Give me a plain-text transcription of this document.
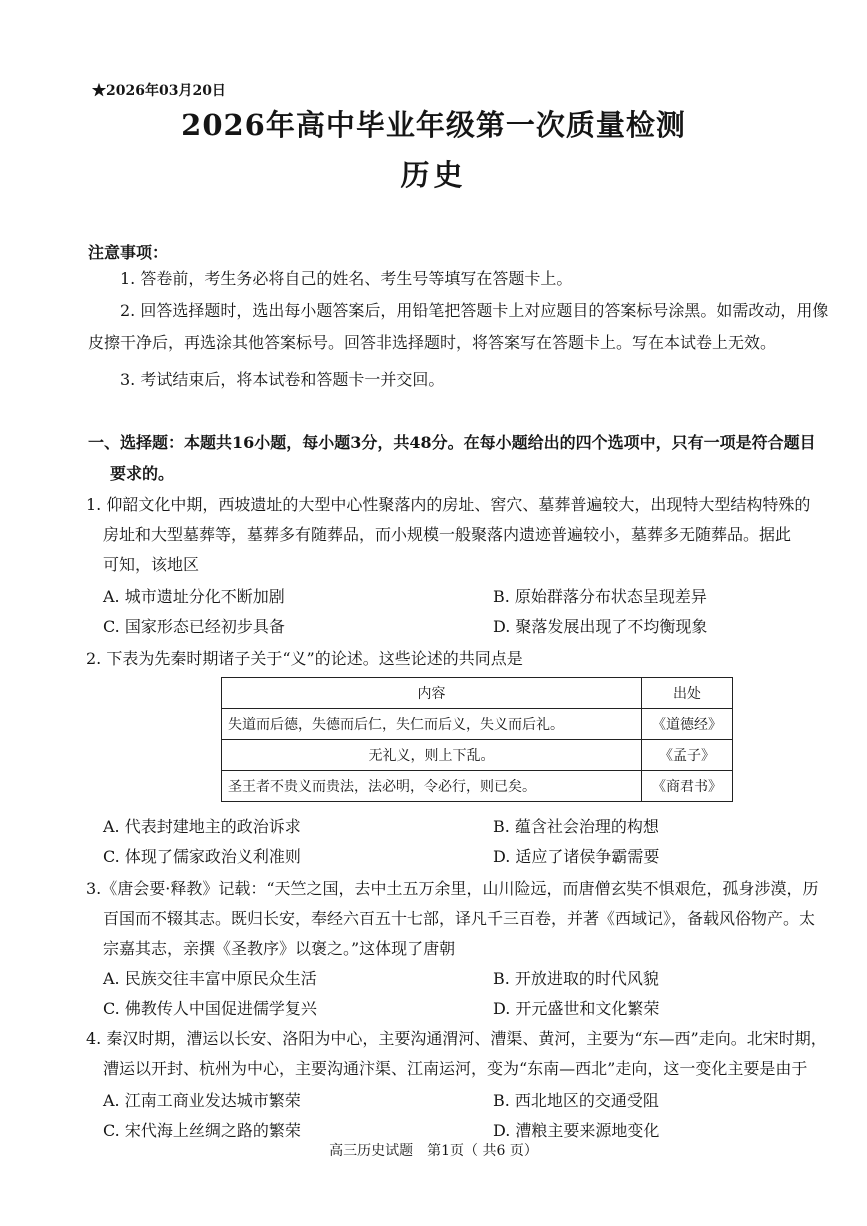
★2026年03月20日
2026年高中毕业年级第一次质量检测
历史
注意事项：
1. 答卷前，考生务必将自己的姓名、考生号等填写在答题卡上。
2. 回答选择题时，选出每小题答案后，用铅笔把答题卡上对应题目的答案标号涂黑。如需改动，用像
皮擦干净后，再选涂其他答案标号。回答非选择题时，将答案写在答题卡上。写在本试卷上无效。
3. 考试结束后，将本试卷和答题卡一并交回。
一、选择题：本题共16小题，每小题3分，共48分。在每小题给出的四个选项中，只有一项是符合题目
要求的。
1. 仰韶文化中期，西坡遗址的大型中心性聚落内的房址、窖穴、墓葬普遍较大，出现特大型结构特殊的
房址和大型墓葬等，墓葬多有随葬品，而小规模一般聚落内遗迹普遍较小，墓葬多无随葬品。据此
可知，该地区
A. 城市遗址分化不断加剧	B. 原始群落分布状态呈现差异
C. 国家形态已经初步具备	D. 聚落发展出现了不均衡现象
2. 下表为先秦时期诸子关于“义”的论述。这些论述的共同点是
内容	出处
失道而后德，失德而后仁，失仁而后义，失义而后礼。	《道德经》
无礼义，则上下乱。	《孟子》
圣王者不贵义而贵法，法必明，令必行，则已矣。	《商君书》
A. 代表封建地主的政治诉求	B. 蕴含社会治理的构想
C. 体现了儒家政治义利准则	D. 适应了诸侯争霸需要
3.《唐会要·释教》记载：“天竺之国，去中土五万余里，山川险远，而唐僧玄奘不惧艰危，孤身涉漠，历
百国而不辍其志。既归长安，奉经六百五十七部，译凡千三百卷，并著《西域记》，备载风俗物产。太
宗嘉其志，亲撰《圣教序》以褒之。”这体现了唐朝
A. 民族交往丰富中原民众生活	B. 开放进取的时代风貌
C. 佛教传人中国促进儒学复兴	D. 开元盛世和文化繁荣
4. 秦汉时期，漕运以长安、洛阳为中心，主要沟通渭河、漕渠、黄河，主要为“东—西”走向。北宋时期，
漕运以开封、杭州为中心，主要沟通汴渠、江南运河，变为“东南—西北”走向，这一变化主要是由于
A. 江南工商业发达城市繁荣	B. 西北地区的交通受阻
C. 宋代海上丝绸之路的繁荣	D. 漕粮主要来源地变化
高三历史试题　第1页（ 共6 页）
